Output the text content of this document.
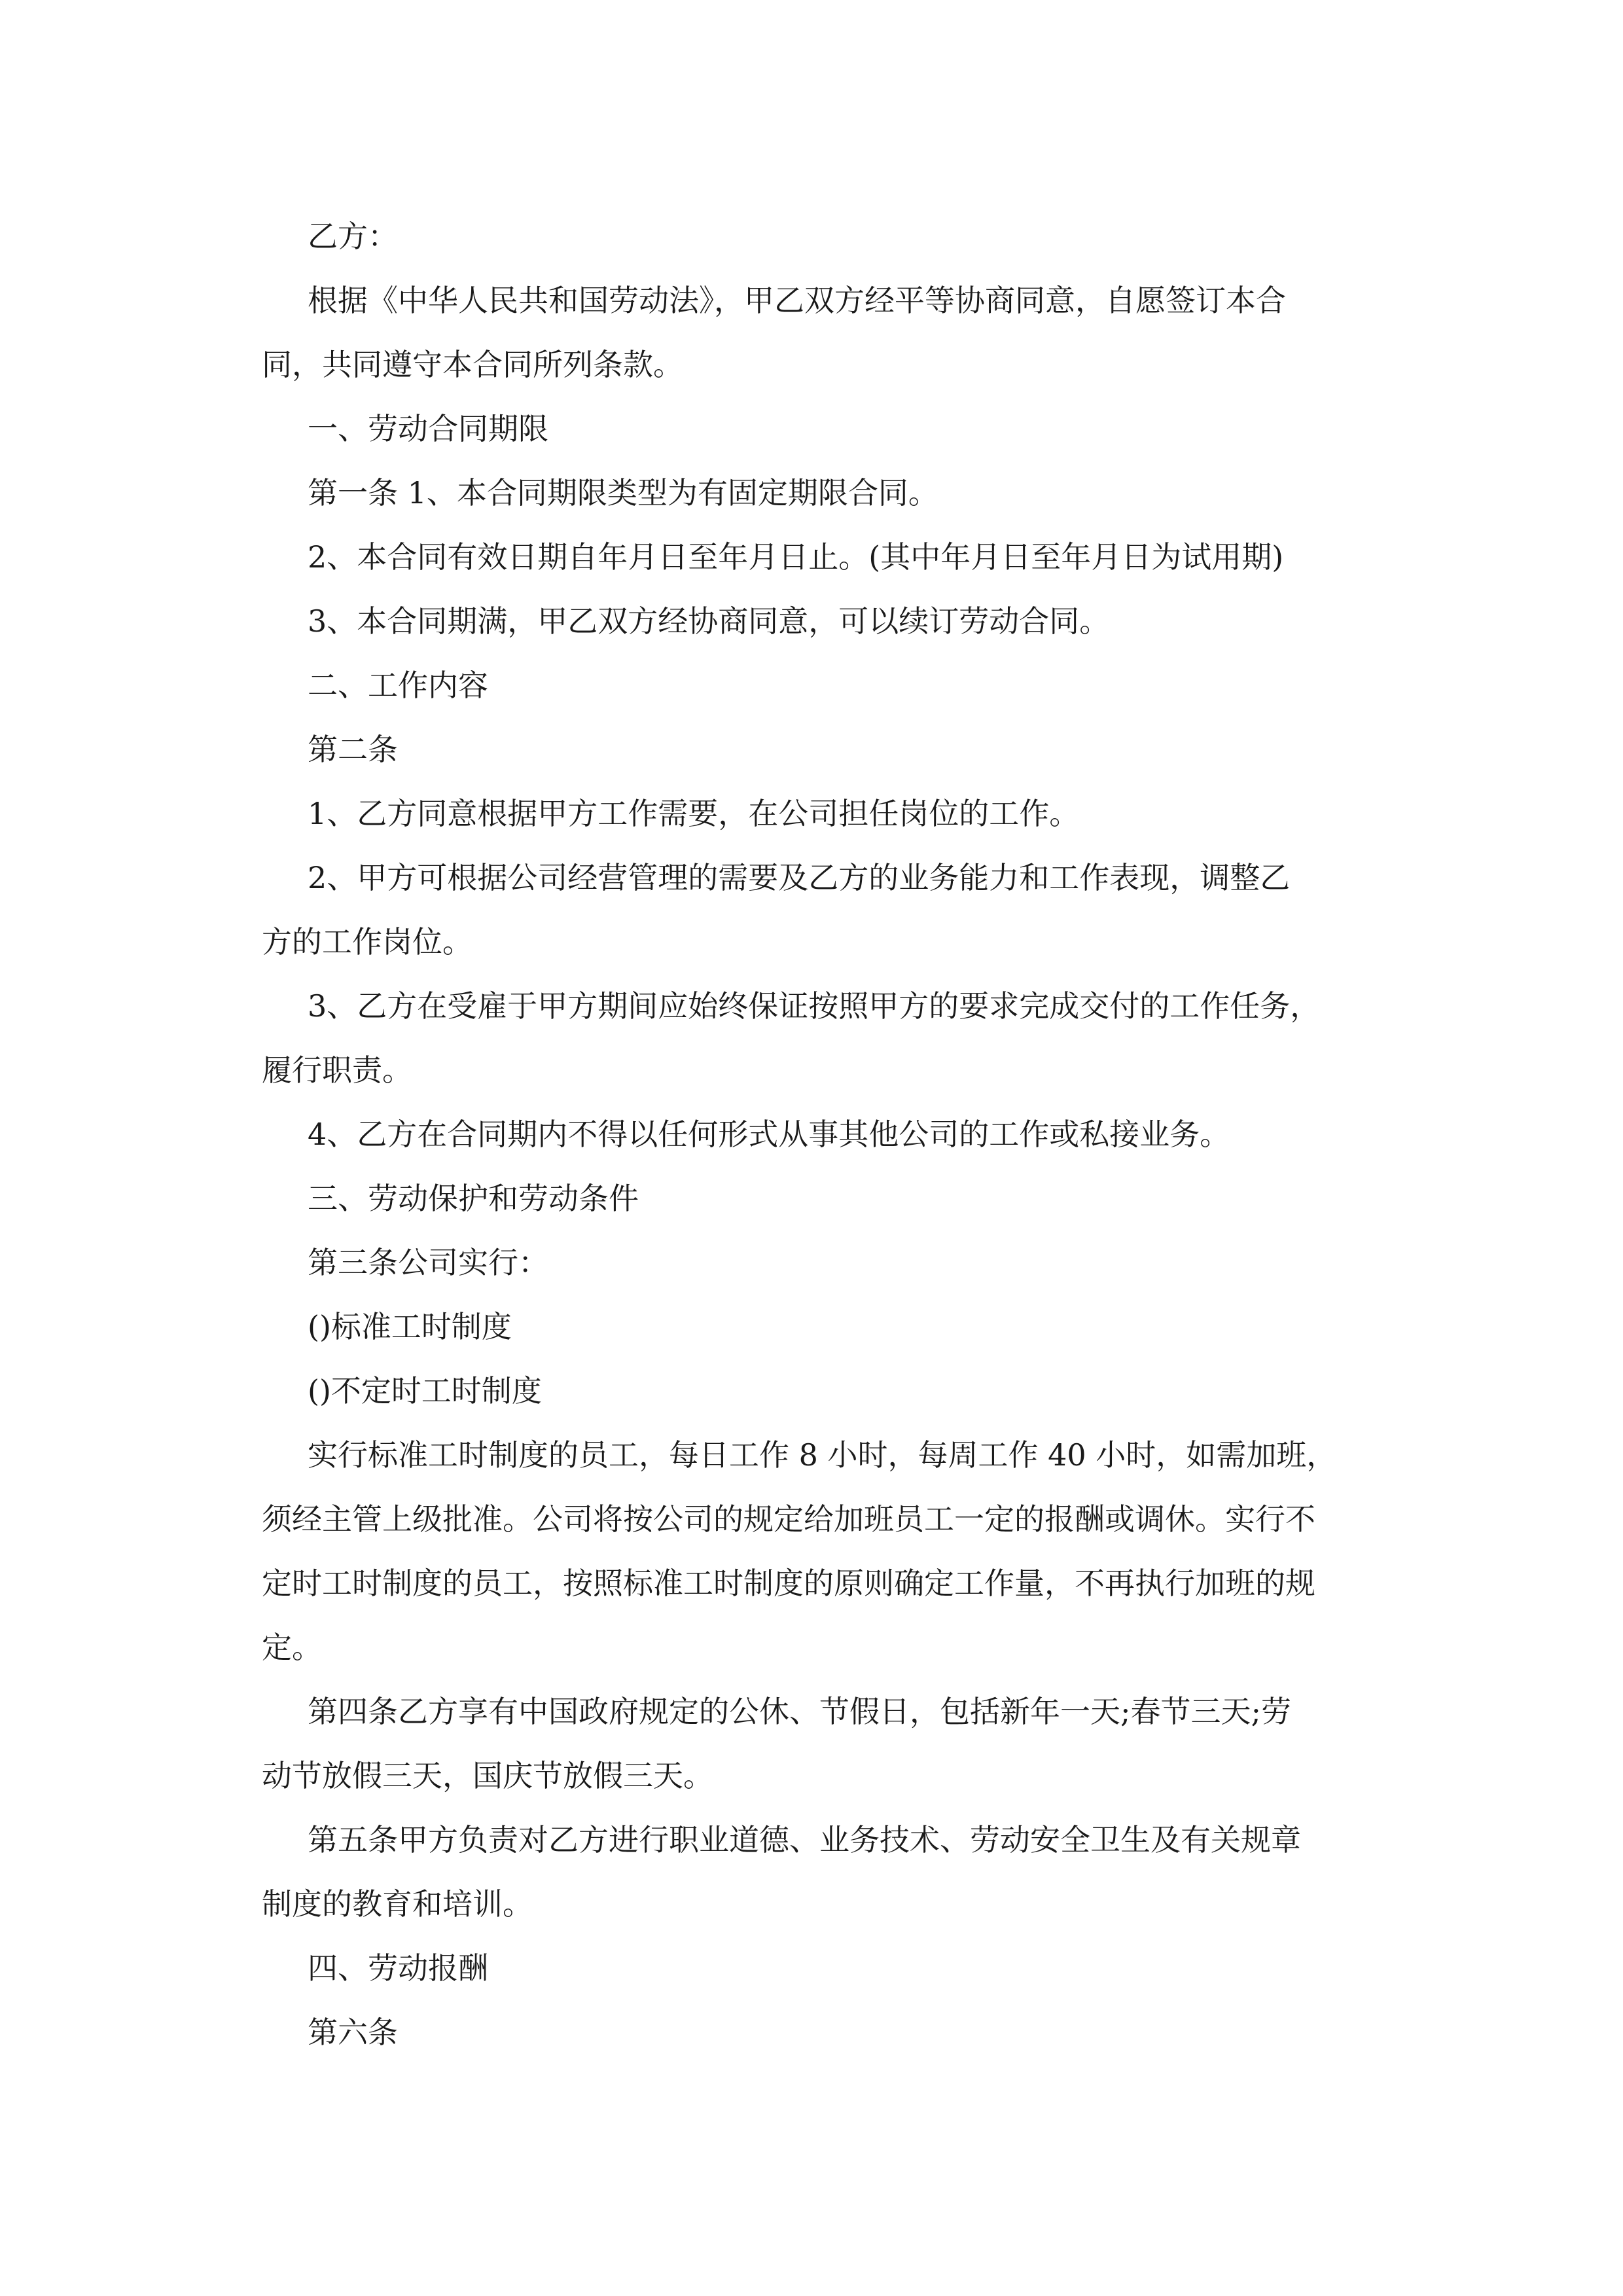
乙方：
根据《中华人民共和国劳动法》，甲乙双方经平等协商同意，自愿签订本合
同，共同遵守本合同所列条款。
一、劳动合同期限
第一条 1、本合同期限类型为有固定期限合同。
2、本合同有效日期自年月日至年月日止。(其中年月日至年月日为试用期)
3、本合同期满，甲乙双方经协商同意，可以续订劳动合同。
二、工作内容
第二条
1、乙方同意根据甲方工作需要，在公司担任岗位的工作。
2、甲方可根据公司经营管理的需要及乙方的业务能力和工作表现，调整乙
方的工作岗位。
3、乙方在受雇于甲方期间应始终保证按照甲方的要求完成交付的工作任务，
履行职责。
4、乙方在合同期内不得以任何形式从事其他公司的工作或私接业务。
三、劳动保护和劳动条件
第三条公司实行：
()标准工时制度
()不定时工时制度
实行标准工时制度的员工，每日工作 8 小时，每周工作 40 小时，如需加班，
须经主管上级批准。公司将按公司的规定给加班员工一定的报酬或调休。实行不
定时工时制度的员工，按照标准工时制度的原则确定工作量，不再执行加班的规
定。
第四条乙方享有中国政府规定的公休、节假日，包括新年一天;春节三天;劳
动节放假三天，国庆节放假三天。
第五条甲方负责对乙方进行职业道德、业务技术、劳动安全卫生及有关规章
制度的教育和培训。
四、劳动报酬
第六条
